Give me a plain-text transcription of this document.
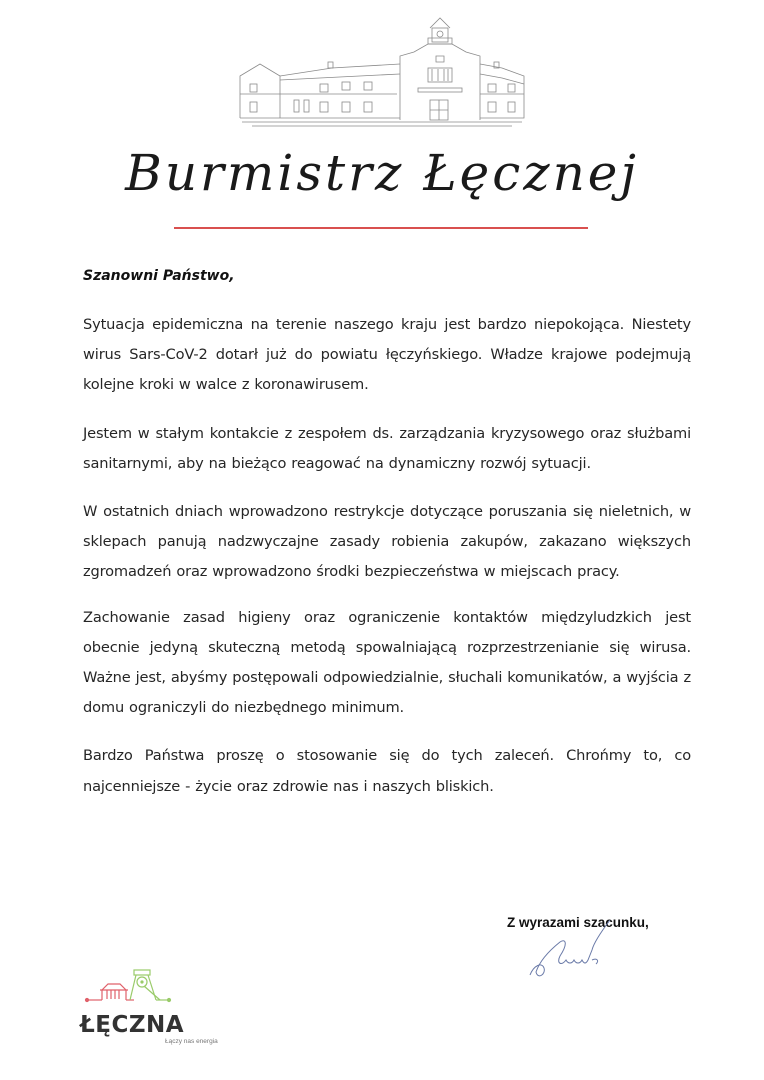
Burmistrz Łęcznej
Szanowni Państwo,

Sytuacja epidemiczna na terenie naszego kraju jest bardzo niepokojąca. Niestety wirus Sars-CoV-2 dotarł już do powiatu łęczyńskiego. Władze krajowe podejmują kolejne kroki w walce z koronawirusem.

Jestem w stałym kontakcie z zespołem ds. zarządzania kryzysowego oraz służbami sanitarnymi, aby na bieżąco reagować na dynamiczny rozwój sytuacji.

W ostatnich dniach wprowadzono restrykcje dotyczące poruszania się nieletnich, w sklepach panują nadzwyczajne zasady robienia zakupów, zakazano większych zgromadzeń oraz wprowadzono środki bezpieczeństwa w miejscach pracy.

Zachowanie zasad higieny oraz ograniczenie kontaktów międzyludzkich jest obecnie jedyną skuteczną metodą spowalniającą rozprzestrzenianie się wirusa. Ważne jest, abyśmy postępowali odpowiedzialnie, słuchali komunikatów, a wyjścia z domu ograniczyli do niezbędnego minimum.

Bardzo Państwa proszę o stosowanie się do tych zaleceń. Chrońmy to, co najcenniejsze - życie oraz zdrowie nas i naszych bliskich.

Z wyrazami szacunku,
ŁĘCZNA
Łączy nas energia
